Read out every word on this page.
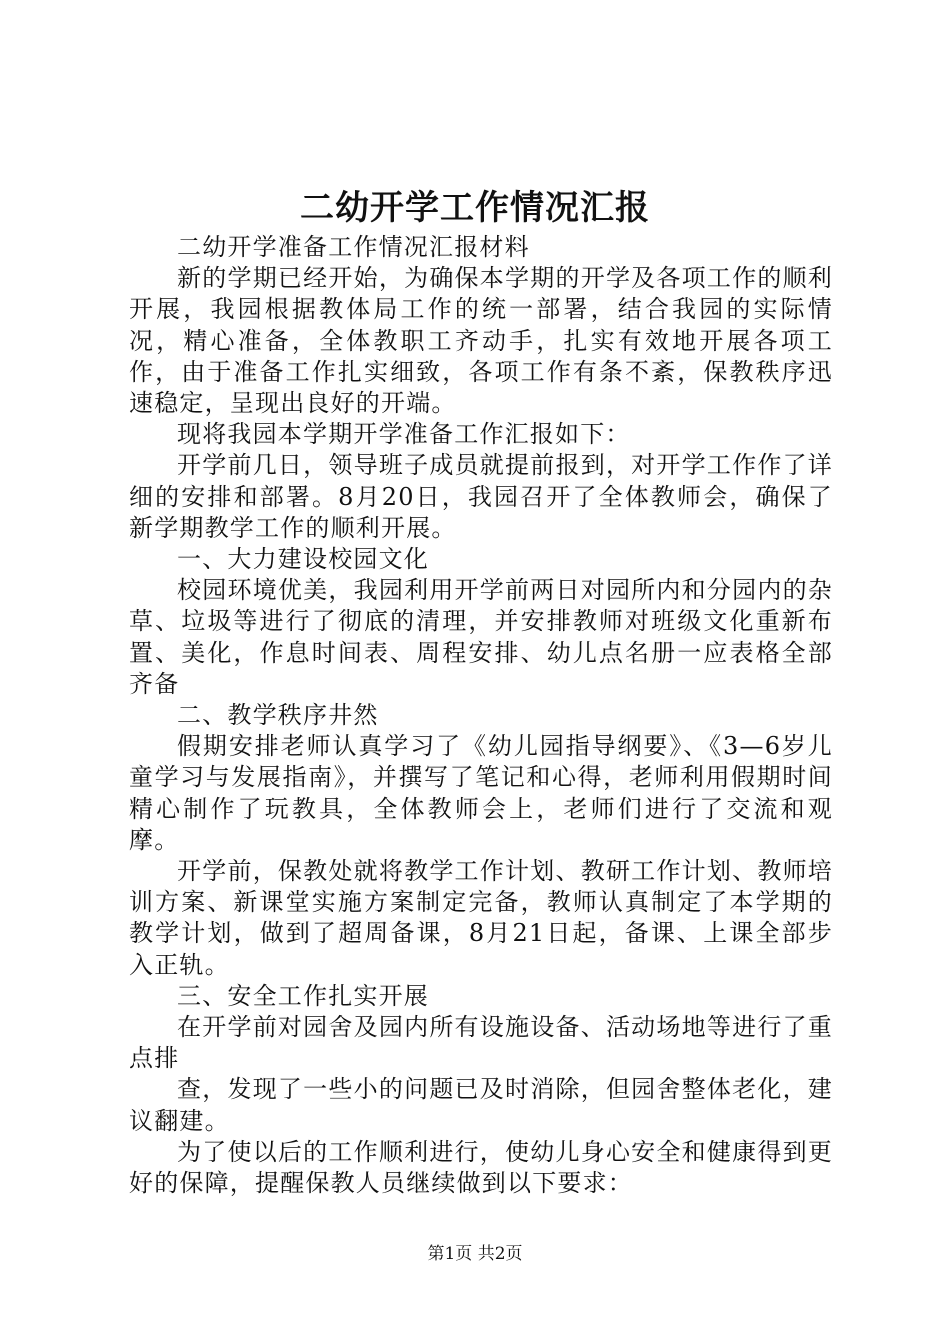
二幼开学工作情况汇报

二幼开学准备工作情况汇报材料

新的学期已经开始，为确保本学期的开学及各项工作的顺利开展，我园根据教体局工作的统一部署，结合我园的实际情况，精心准备，全体教职工齐动手，扎实有效地开展各项工作，由于准备工作扎实细致，各项工作有条不紊，保教秩序迅速稳定，呈现出良好的开端。

现将我园本学期开学准备工作汇报如下：

开学前几日，领导班子成员就提前报到，对开学工作作了详细的安排和部署。8月20日，我园召开了全体教师会，确保了新学期教学工作的顺利开展。

一、大力建设校园文化

校园环境优美，我园利用开学前两日对园所内和分园内的杂草、垃圾等进行了彻底的清理，并安排教师对班级文化重新布置、美化，作息时间表、周程安排、幼儿点名册一应表格全部齐备

二、教学秩序井然

假期安排老师认真学习了《幼儿园指导纲要》、《3—6岁儿童学习与发展指南》，并撰写了笔记和心得，老师利用假期时间精心制作了玩教具，全体教师会上，老师们进行了交流和观摩。

开学前，保教处就将教学工作计划、教研工作计划、教师培训方案、新课堂实施方案制定完备，教师认真制定了本学期的教学计划，做到了超周备课，8月21日起，备课、上课全部步入正轨。

三、安全工作扎实开展

在开学前对园舍及园内所有设施设备、活动场地等进行了重点排

查，发现了一些小的问题已及时消除，但园舍整体老化，建议翻建。

为了使以后的工作顺利进行，使幼儿身心安全和健康得到更好的保障，提醒保教人员继续做到以下要求：

第1页 共2页
